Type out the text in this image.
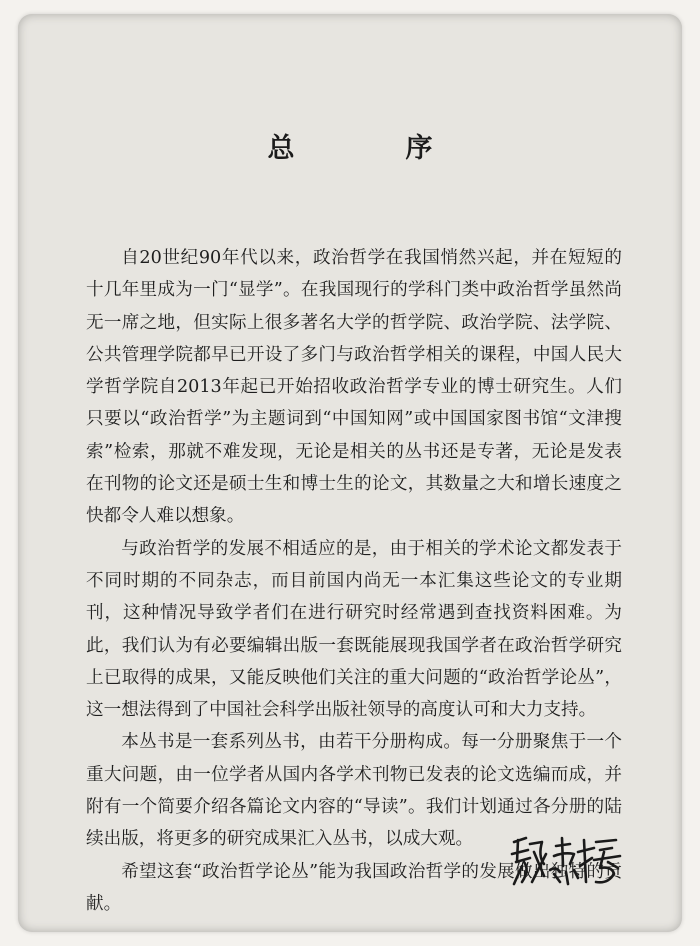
总　序

自20世纪90年代以来，政治哲学在我国悄然兴起，并在短短的十几年里成为一门“显学”。在我国现行的学科门类中政治哲学虽然尚无一席之地，但实际上很多著名大学的哲学院、政治学院、法学院、公共管理学院都早已开设了多门与政治哲学相关的课程，中国人民大学哲学院自2013年起已开始招收政治哲学专业的博士研究生。人们只要以“政治哲学”为主题词到“中国知网”或中国国家图书馆“文津搜索”检索，那就不难发现，无论是相关的丛书还是专著，无论是发表在刊物的论文还是硕士生和博士生的论文，其数量之大和增长速度之快都令人难以想象。

与政治哲学的发展不相适应的是，由于相关的学术论文都发表于不同时期的不同杂志，而目前国内尚无一本汇集这些论文的专业期刊，这种情况导致学者们在进行研究时经常遇到查找资料困难。为此，我们认为有必要编辑出版一套既能展现我国学者在政治哲学研究上已取得的成果，又能反映他们关注的重大问题的“政治哲学论丛”，这一想法得到了中国社会科学出版社领导的高度认可和大力支持。

本丛书是一套系列丛书，由若干分册构成。每一分册聚焦于一个重大问题，由一位学者从国内各学术刊物已发表的论文选编而成，并附有一个简要介绍各篇论文内容的“导读”。我们计划通过各分册的陆续出版，将更多的研究成果汇入丛书，以成大观。

希望这套“政治哲学论丛”能为我国政治哲学的发展做出独特的贡献。
